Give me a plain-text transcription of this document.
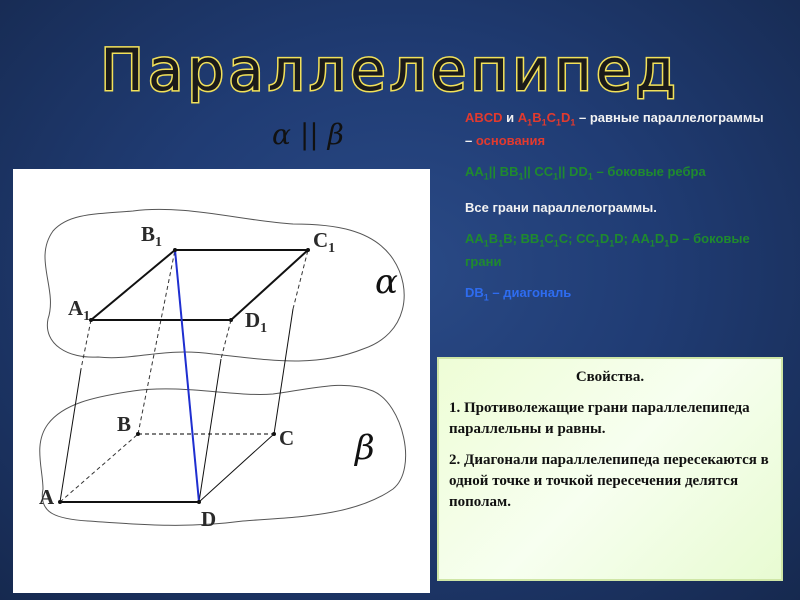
Параллелепипед
α || β
$B_1$	$C_1$
$A_1$	$D_1$
B
C
A
D
α
β

ABCD и $A_1B_1C_1D_1$ – равные параллелограммы – основания

$AA_1||$ $BB_1||$ $CC_1||$ $DD_1$ – боковые ребра

Все грани параллелограммы.

$AA_1B_1B$; $BB_1C_1C$; $CC_1D_1D$; $AA_1D_1D$ – боковые грани

$DB_1$ – диагональ

Свойства.

1. Противолежащие грани параллелепипеда параллельны и равны.

2. Диагонали параллелепипеда пересекаются в одной точке и точкой пересечения делятся пополам.
